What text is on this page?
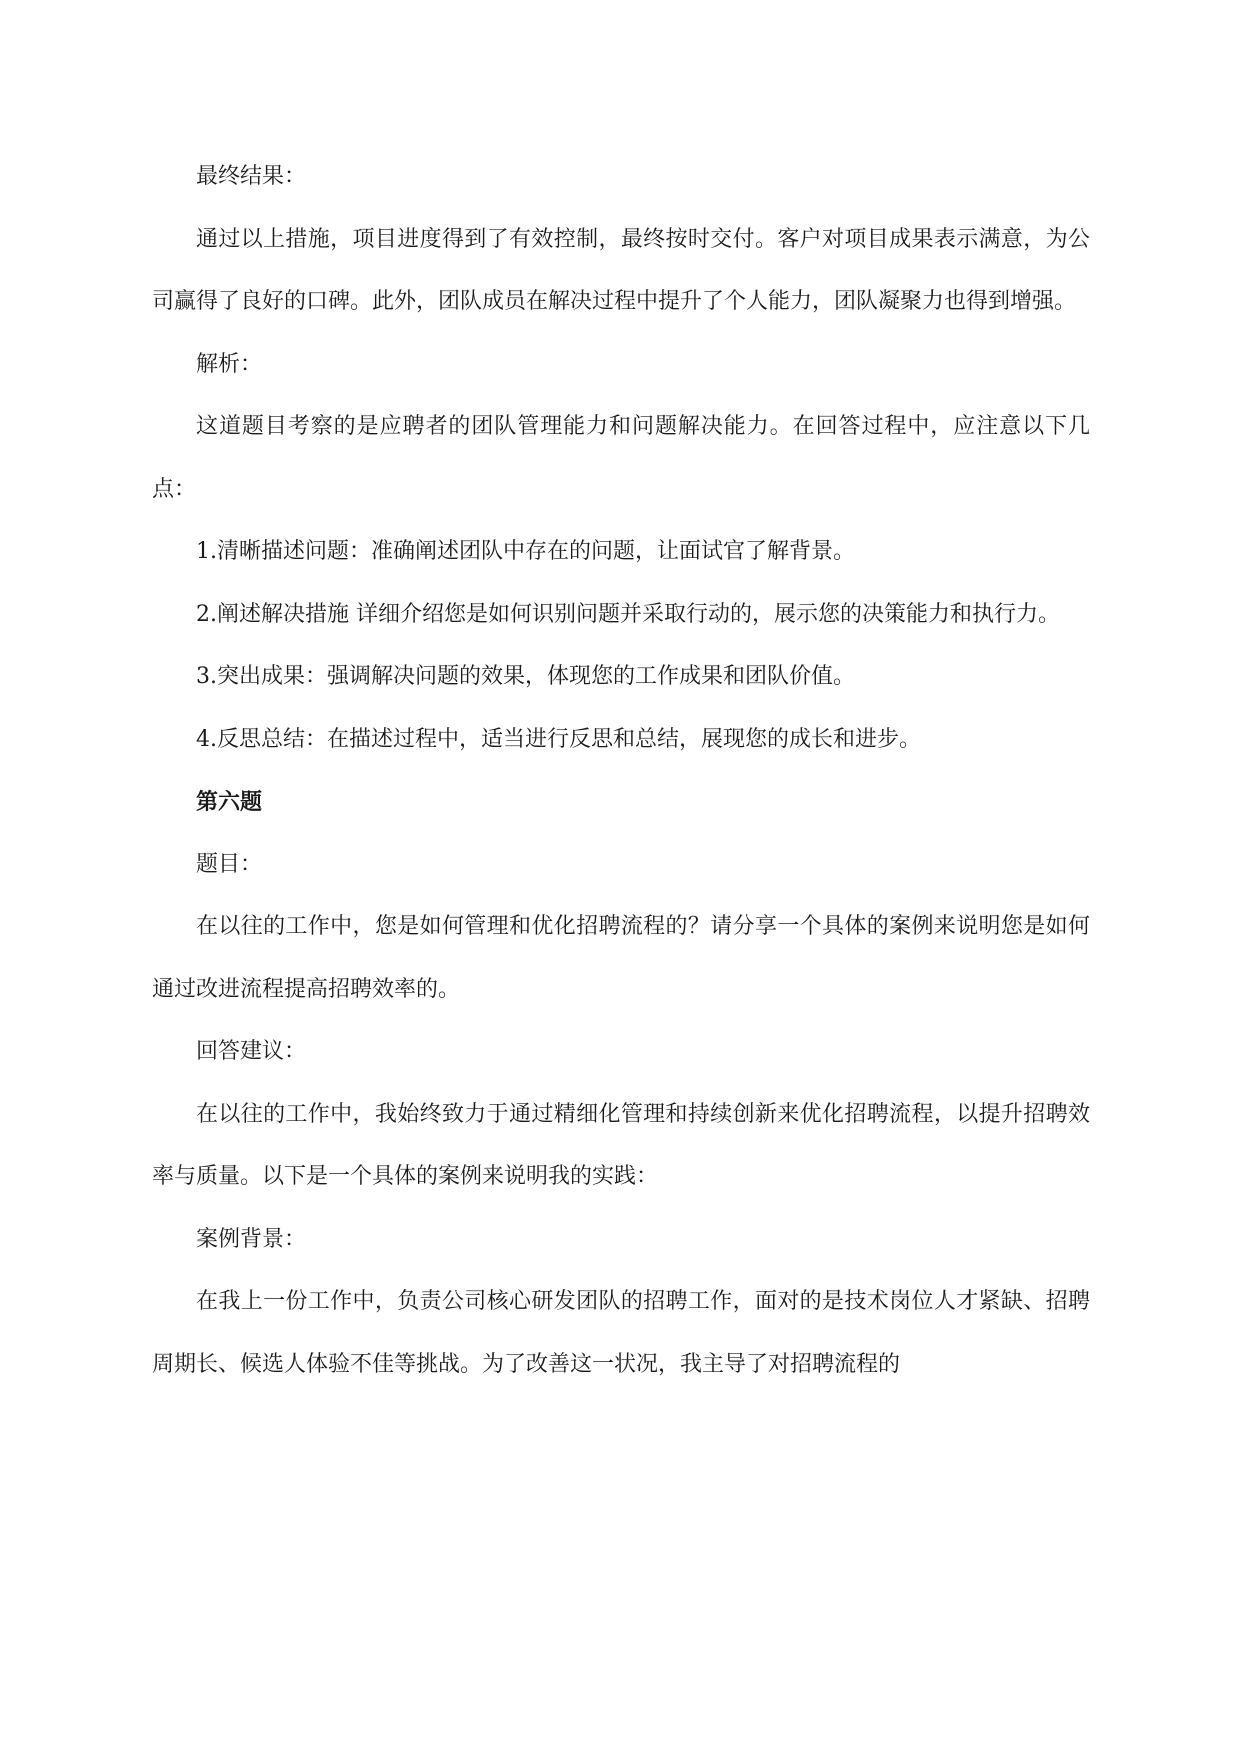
最终结果：

通过以上措施，项目进度得到了有效控制，最终按时交付。客户对项目成果表示满意，为公司赢得了良好的口碑。此外，团队成员在解决过程中提升了个人能力，团队凝聚力也得到增强。

解析：

这道题目考察的是应聘者的团队管理能力和问题解决能力。在回答过程中，应注意以下几点：

1.清晰描述问题：准确阐述团队中存在的问题，让面试官了解背景。

2.阐述解决措施 详细介绍您是如何识别问题并采取行动的，展示您的决策能力和执行力。

3.突出成果：强调解决问题的效果，体现您的工作成果和团队价值。

4.反思总结：在描述过程中，适当进行反思和总结，展现您的成长和进步。

第六题

题目：

在以往的工作中，您是如何管理和优化招聘流程的？请分享一个具体的案例来说明您是如何通过改进流程提高招聘效率的。

回答建议：

在以往的工作中，我始终致力于通过精细化管理和持续创新来优化招聘流程，以提升招聘效率与质量。以下是一个具体的案例来说明我的实践：

案例背景：

在我上一份工作中，负责公司核心研发团队的招聘工作，面对的是技术岗位人才紧缺、招聘周期长、候选人体验不佳等挑战。为了改善这一状况，我主导了对招聘流程的
